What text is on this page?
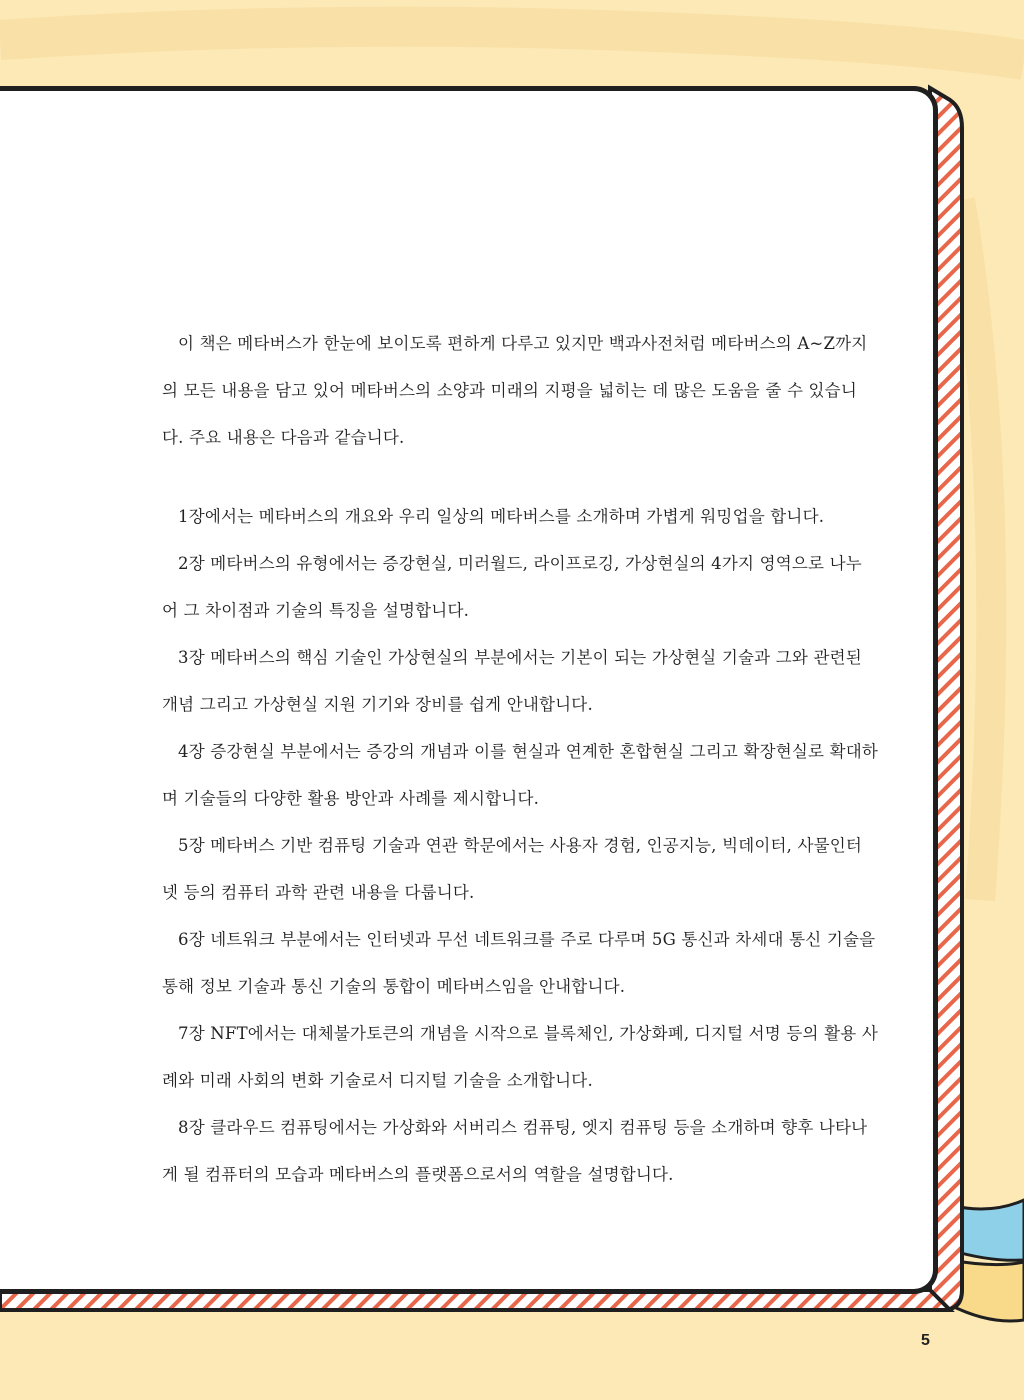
이 책은 메타버스가 한눈에 보이도록 편하게 다루고 있지만 백과사전처럼 메타버스의 A~Z까지의 모든 내용을 담고 있어 메타버스의 소양과 미래의 지평을 넓히는 데 많은 도움을 줄 수 있습니다. 주요 내용은 다음과 같습니다.

1장에서는 메타버스의 개요와 우리 일상의 메타버스를 소개하며 가볍게 워밍업을 합니다.

2장 메타버스의 유형에서는 증강현실, 미러월드, 라이프로깅, 가상현실의 4가지 영역으로 나누어 그 차이점과 기술의 특징을 설명합니다.

3장 메타버스의 핵심 기술인 가상현실의 부분에서는 기본이 되는 가상현실 기술과 그와 관련된 개념 그리고 가상현실 지원 기기와 장비를 쉽게 안내합니다.

4장 증강현실 부분에서는 증강의 개념과 이를 현실과 연계한 혼합현실 그리고 확장현실로 확대하며 기술들의 다양한 활용 방안과 사례를 제시합니다.

5장 메타버스 기반 컴퓨팅 기술과 연관 학문에서는 사용자 경험, 인공지능, 빅데이터, 사물인터넷 등의 컴퓨터 과학 관련 내용을 다룹니다.

6장 네트워크 부분에서는 인터넷과 무선 네트워크를 주로 다루며 5G 통신과 차세대 통신 기술을 통해 정보 기술과 통신 기술의 통합이 메타버스임을 안내합니다.

7장 NFT에서는 대체불가토큰의 개념을 시작으로 블록체인, 가상화폐, 디지털 서명 등의 활용 사례와 미래 사회의 변화 기술로서 디지털 기술을 소개합니다.

8장 클라우드 컴퓨팅에서는 가상화와 서버리스 컴퓨팅, 엣지 컴퓨팅 등을 소개하며 향후 나타나게 될 컴퓨터의 모습과 메타버스의 플랫폼으로서의 역할을 설명합니다.

5
